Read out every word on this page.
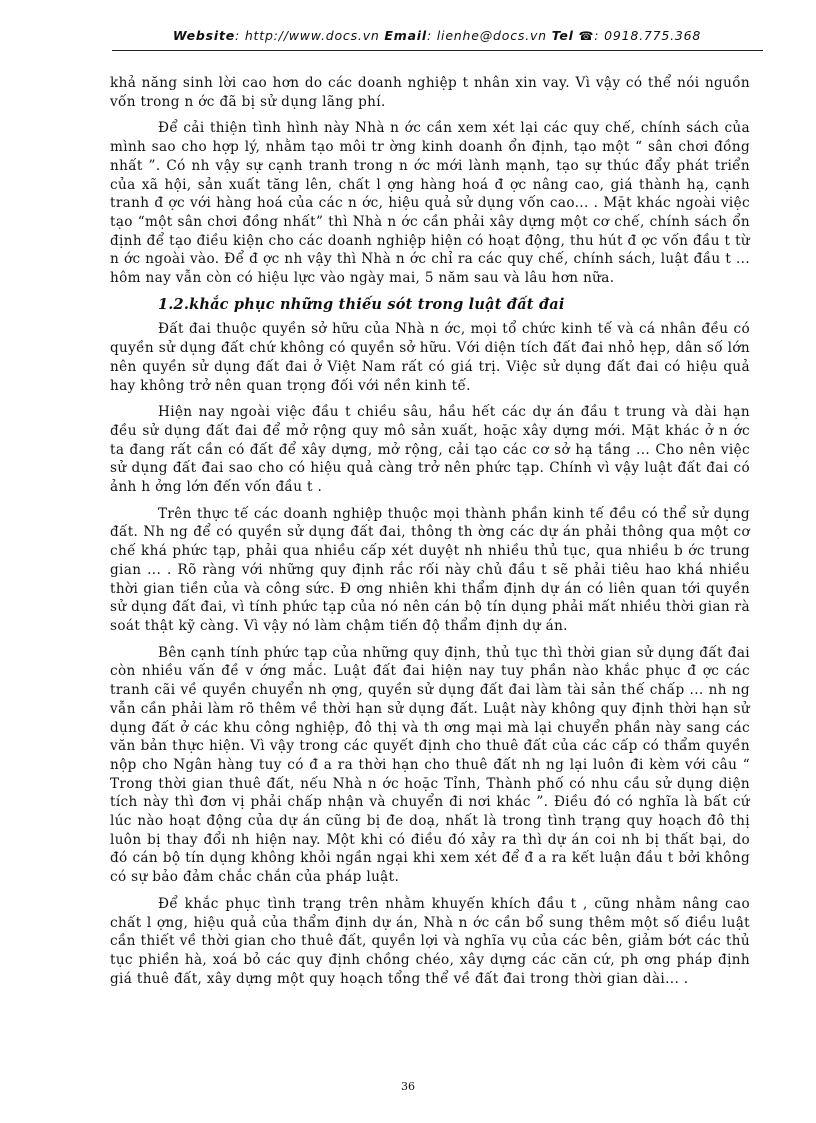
Website: http://www.docs.vn Email: lienhe@docs.vn Tel ☎: 0918.775.368

khả năng sinh lời cao hơn do các doanh nghiệp t nhân xin vay. Vì vậy có thể nói nguồn vốn trong n ớc đã bị sử dụng lãng phí.

Để cải thiện tình hình này Nhà n ớc cần xem xét lại các quy chế, chính sách của mình sao cho hợp lý, nhằm tạo môi tr ờng kinh doanh ổn định, tạo một “ sân chơi đồng nhất ”. Có nh vậy sự cạnh tranh trong n ớc mới lành mạnh, tạo sự thúc đẩy phát triển của xã hội, sản xuất tăng lên, chất l ợng hàng hoá đ ợc nâng cao, giá thành hạ, cạnh tranh đ ợc với hàng hoá của các n ớc, hiệu quả sử dụng vốn cao... . Mặt khác ngoài việc tạo “một sân chơi đồng nhất” thì Nhà n ớc cần phải xây dựng một cơ chế, chính sách ổn định để tạo điều kiện cho các doanh nghiệp hiện có hoạt động, thu hút đ ợc vốn đầu t từ n ớc ngoài vào. Để đ ợc nh vậy thì Nhà n ớc chỉ ra các quy chế, chính sách, luật đầu t ... hôm nay vẫn còn có hiệu lực vào ngày mai, 5 năm sau và lâu hơn nữa.

1.2.khắc phục những thiếu sót trong luật đất đai

Đất đai thuộc quyền sở hữu của Nhà n ớc, mọi tổ chức kinh tế và cá nhân đều có quyền sử dụng đất chứ không có quyền sở hữu. Với diện tích đất đai nhỏ hẹp, dân số lớn nên quyền sử dụng đất đai ở Việt Nam rất có giá trị. Việc sử dụng đất đai có hiệu quả hay không trở nên quan trọng đối với nền kinh tế.

Hiện nay ngoài việc đầu t chiều sâu, hầu hết các dự án đầu t trung và dài hạn đều sử dụng đất đai để mở rộng quy mô sản xuất, hoặc xây dựng mới. Mặt khác ở n ớc ta đang rất cần có đất để xây dựng, mở rộng, cải tạo các cơ sở hạ tầng ... Cho nên việc sử dụng đất đai sao cho có hiệu quả càng trở nên phức tạp. Chính vì vậy luật đất đai có ảnh h ởng lớn đến vốn đầu t .

Trên thực tế các doanh nghiệp thuộc mọi thành phần kinh tế đều có thể sử dụng đất. Nh ng để có quyền sử dụng đất đai, thông th ờng các dự án phải thông qua một cơ chế khá phức tạp, phải qua nhiều cấp xét duyệt nh nhiều thủ tục, qua nhiều b ớc trung gian ... . Rõ ràng với những quy định rắc rối này chủ đầu t sẽ phải tiêu hao khá nhiều thời gian tiền của và công sức. Đ ơng nhiên khi thẩm định dự án có liên quan tới quyền sử dụng đất đai, vì tính phức tạp của nó nên cán bộ tín dụng phải mất nhiều thời gian rà soát thật kỹ càng. Vì vậy nó làm chậm tiến độ thẩm định dự án.

Bên cạnh tính phức tạp của những quy định, thủ tục thì thời gian sử dụng đất đai còn nhiều vấn đề v ớng mắc. Luật đất đai hiện nay tuy phần nào khắc phục đ ợc các tranh cãi về quyền chuyển nh ợng, quyền sử dụng đất đai làm tài sản thế chấp ... nh ng vẫn cần phải làm rõ thêm về thời hạn sử dụng đất. Luật này không quy định thời hạn sử dụng đất ở các khu công nghiệp, đô thị và th ơng mại mà lại chuyển phần này sang các văn bản thực hiện. Vì vậy trong các quyết định cho thuê đất của các cấp có thẩm quyền nộp cho Ngân hàng tuy có đ a ra thời hạn cho thuê đất nh ng lại luôn đi kèm với câu “ Trong thời gian thuê đất, nếu Nhà n ớc hoặc Tỉnh, Thành phố có nhu cầu sử dụng diện tích này thì đơn vị phải chấp nhận và chuyển đi nơi khác ”. Điều đó có nghĩa là bất cứ lúc nào hoạt động của dự án cũng bị đe doạ, nhất là trong tình trạng quy hoạch đô thị luôn bị thay đổi nh hiện nay. Một khi có điều đó xảy ra thì dự án coi nh bị thất bại, do đó cán bộ tín dụng không khỏi ngần ngại khi xem xét để đ a ra kết luận đầu t bởi không có sự bảo đảm chắc chắn của pháp luật.

Để khắc phục tình trạng trên nhằm khuyến khích đầu t , cũng nhằm nâng cao chất l ợng, hiệu quả của thẩm định dự án, Nhà n ớc cần bổ sung thêm một số điều luật cần thiết về thời gian cho thuê đất, quyền lợi và nghĩa vụ của các bên, giảm bớt các thủ tục phiền hà, xoá bỏ các quy định chồng chéo, xây dựng các căn cứ, ph ơng pháp định giá thuê đất, xây dựng một quy hoạch tổng thể về đất đai trong thời gian dài... .

36
